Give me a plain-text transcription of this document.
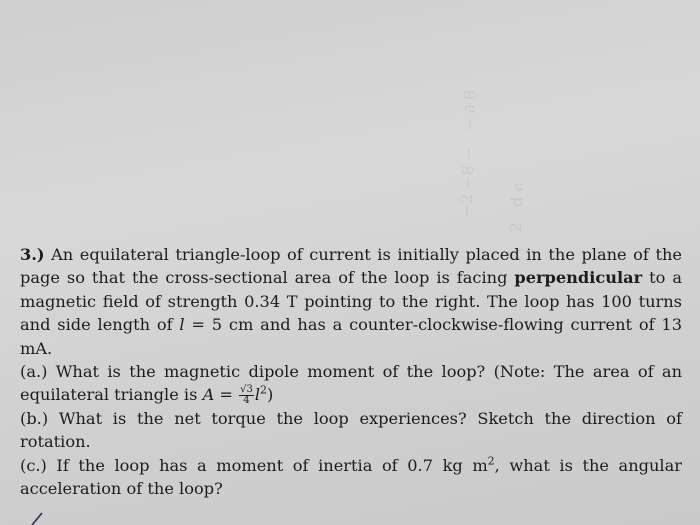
−2 −8 −   − ∂ θ
Λ   2   d e

3.) An equilateral triangle-loop of current is initially placed in the plane of the page so that the cross-sectional area of the loop is facing perpendicular to a magnetic field of strength 0.34 T pointing to the right. The loop has 100 turns and side length of l = 5 cm and has a counter-clockwise-flowing current of 13 mA.

(a.) What is the magnetic dipole moment of the loop? (Note: The area of an equilateral triangle is $A = \frac{√3}{4} l^2$)

(b.) What is the net torque the loop experiences? Sketch the direction of rotation.

(c.) If the loop has a moment of inertia of 0.7 kg $m^2$, what is the angular acceleration of the loop?
